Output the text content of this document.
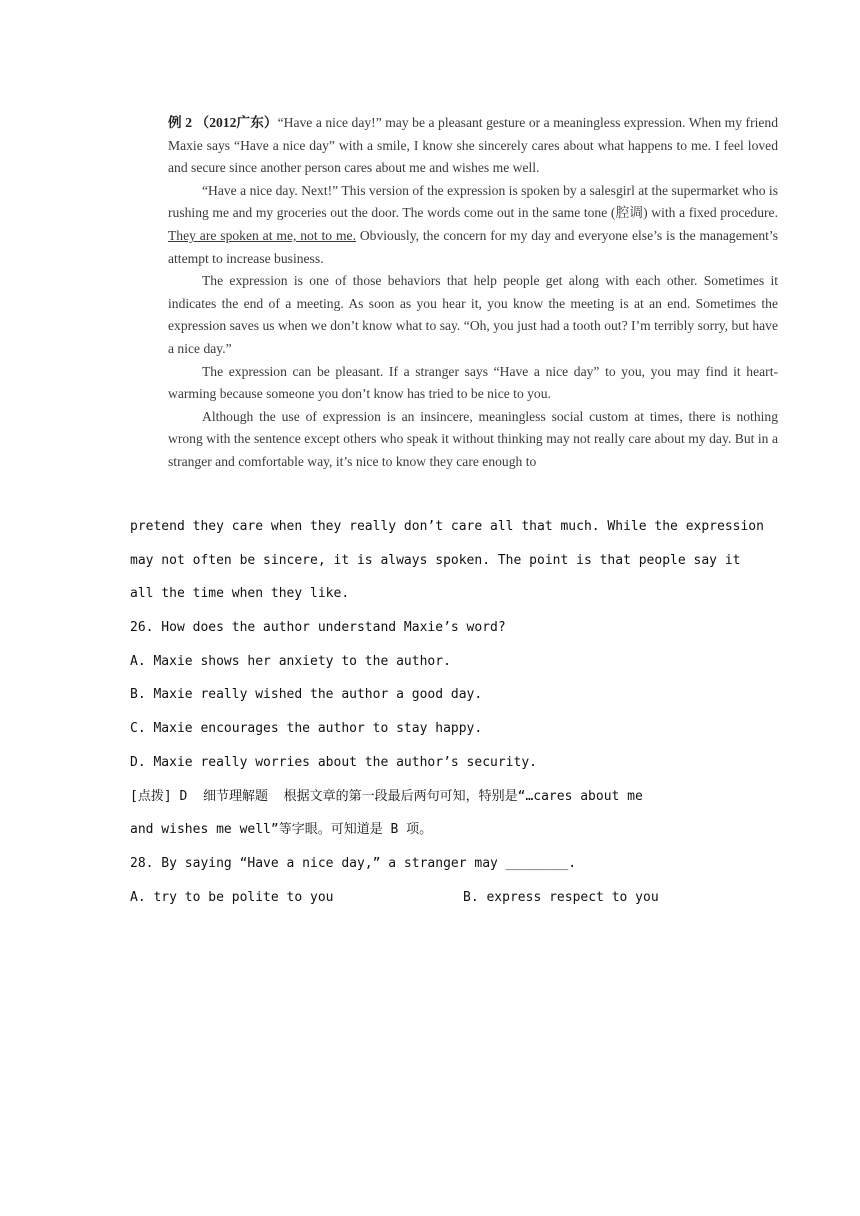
例 2 （2012广东）“Have a nice day!” may be a pleasant gesture or a meaningless expression. When my friend Maxie says “Have a nice day” with a smile, I know she sincerely cares about what happens to me. I feel loved and secure since another person cares about me and wishes me well.

“Have a nice day. Next!” This version of the expression is spoken by a salesgirl at the supermarket who is rushing me and my groceries out the door. The words come out in the same tone (腔调) with a fixed procedure. They are spoken at me, not to me. Obviously, the concern for my day and everyone else’s is the management’s attempt to increase business.

The expression is one of those behaviors that help people get along with each other. Sometimes it indicates the end of a meeting. As soon as you hear it, you know the meeting is at an end. Sometimes the expression saves us when we don’t know what to say. “Oh, you just had a tooth out? I’m terribly sorry, but have a nice day.”

The expression can be pleasant. If a stranger says “Have a nice day” to you, you may find it heart-warming because someone you don’t know has tried to be nice to you.

Although the use of expression is an insincere, meaningless social custom at times, there is nothing wrong with the sentence except others who speak it without thinking may not really care about my day. But in a stranger and comfortable way, it’s nice to know they care enough to

pretend they care when they really don’t care all that much. While the expression
may not often be sincere, it is always spoken. The point is that people say it
all the time when they like.
26. How does the author understand Maxie’s word?
A. Maxie shows her anxiety to the author.
B. Maxie really wished the author a good day.
C. Maxie encourages the author to stay happy.
D. Maxie really worries about the author’s security.
[点拨] D  细节理解题  根据文章的第一段最后两句可知，特别是“…cares about me
and wishes me well”等字眼。可知道是 B 项。
28. By saying “Have a nice day,” a stranger may ________.
A. try to be polite to you	B. express respect to you
